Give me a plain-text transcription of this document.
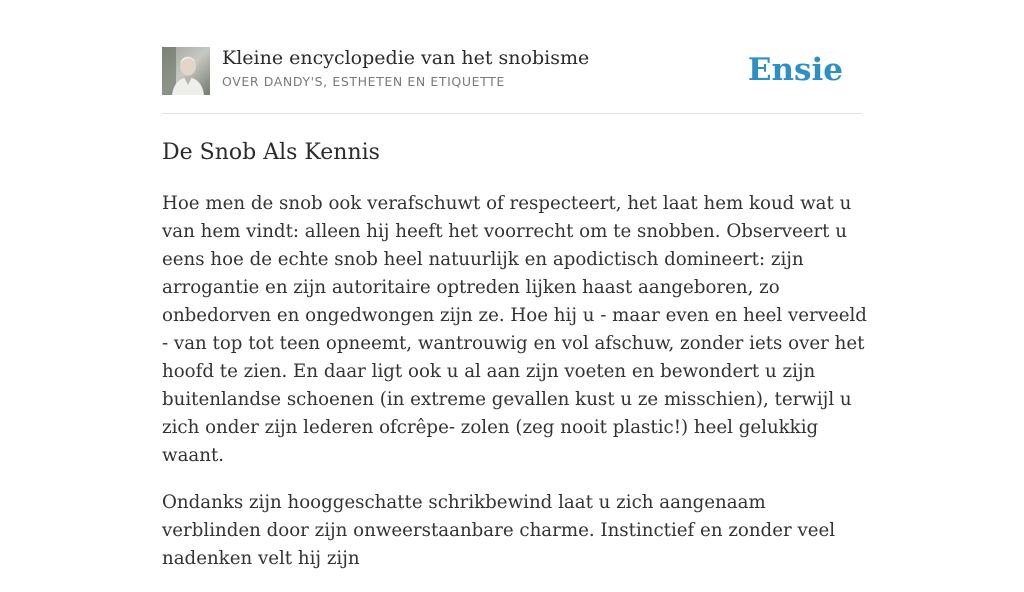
Kleine encyclopedie van het snobisme
OVER DANDY'S, ESTHETEN EN ETIQUETTE	Ensie
De Snob Als Kennis

Hoe men de snob ook verafschuwt of respecteert, het laat hem koud wat u van hem vindt: alleen hij heeft het voorrecht om te snobben. Observeert u eens hoe de echte snob heel natuurlijk en apodictisch domineert: zijn arrogantie en zijn autoritaire optreden lijken haast aangeboren, zo onbedorven en ongedwongen zijn ze. Hoe hij u - maar even en heel verveeld - van top tot teen opneemt, wantrouwig en vol afschuw, zonder iets over het hoofd te zien. En daar ligt ook u al aan zijn voeten en bewondert u zijn buitenlandse schoenen (in extreme gevallen kust u ze misschien), terwijl u zich onder zijn lederen ofcrêpe- zolen (zeg nooit plastic!) heel gelukkig waant.

Ondanks zijn hooggeschatte schrikbewind laat u zich aangenaam verblinden door zijn onweerstaanbare charme. Instinctief en zonder veel nadenken velt hij zijn
